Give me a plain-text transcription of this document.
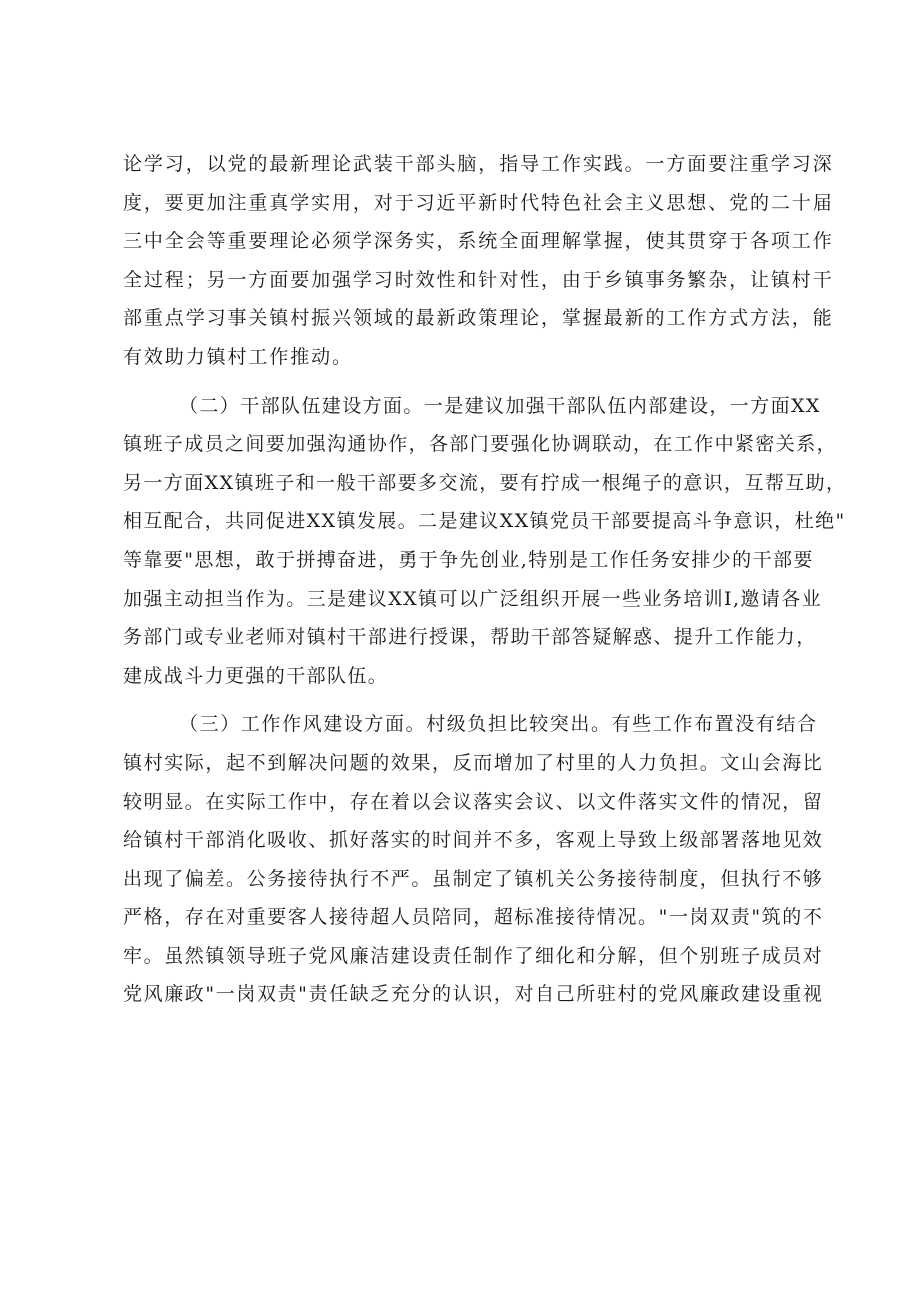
论学习，以党的最新理论武装干部头脑，指导工作实践。一方面要注重学习深
度，要更加注重真学实用，对于习近平新时代特色社会主义思想、党的二十届
三中全会等重要理论必须学深务实，系统全面理解掌握，使其贯穿于各项工作
全过程；另一方面要加强学习时效性和针对性，由于乡镇事务繁杂，让镇村干
部重点学习事关镇村振兴领域的最新政策理论，掌握最新的工作方式方法，能
有效助力镇村工作推动。
（二）干部队伍建设方面。一是建议加强干部队伍内部建设，一方面XX
镇班子成员之间要加强沟通协作，各部门要强化协调联动，在工作中紧密关系，
另一方面XX镇班子和一般干部要多交流，要有拧成一根绳子的意识，互帮互助，
相互配合，共同促进XX镇发展。二是建议XX镇党员干部要提高斗争意识，杜绝"
等靠要"思想，敢于拼搏奋进，勇于争先创业,特别是工作任务安排少的干部要
加强主动担当作为。三是建议XX镇可以广泛组织开展一些业务培训I,邀请各业
务部门或专业老师对镇村干部进行授课，帮助干部答疑解惑、提升工作能力，
建成战斗力更强的干部队伍。
（三）工作作风建设方面。村级负担比较突出。有些工作布置没有结合
镇村实际，起不到解决问题的效果，反而增加了村里的人力负担。文山会海比
较明显。在实际工作中，存在着以会议落实会议、以文件落实文件的情况，留
给镇村干部消化吸收、抓好落实的时间并不多，客观上导致上级部署落地见效
出现了偏差。公务接待执行不严。虽制定了镇机关公务接待制度，但执行不够
严格，存在对重要客人接待超人员陪同，超标准接待情况。"一岗双责"筑的不
牢。虽然镇领导班子党风廉洁建设责任制作了细化和分解，但个别班子成员对
党风廉政"一岗双责"责任缺乏充分的认识，对自己所驻村的党风廉政建设重视
